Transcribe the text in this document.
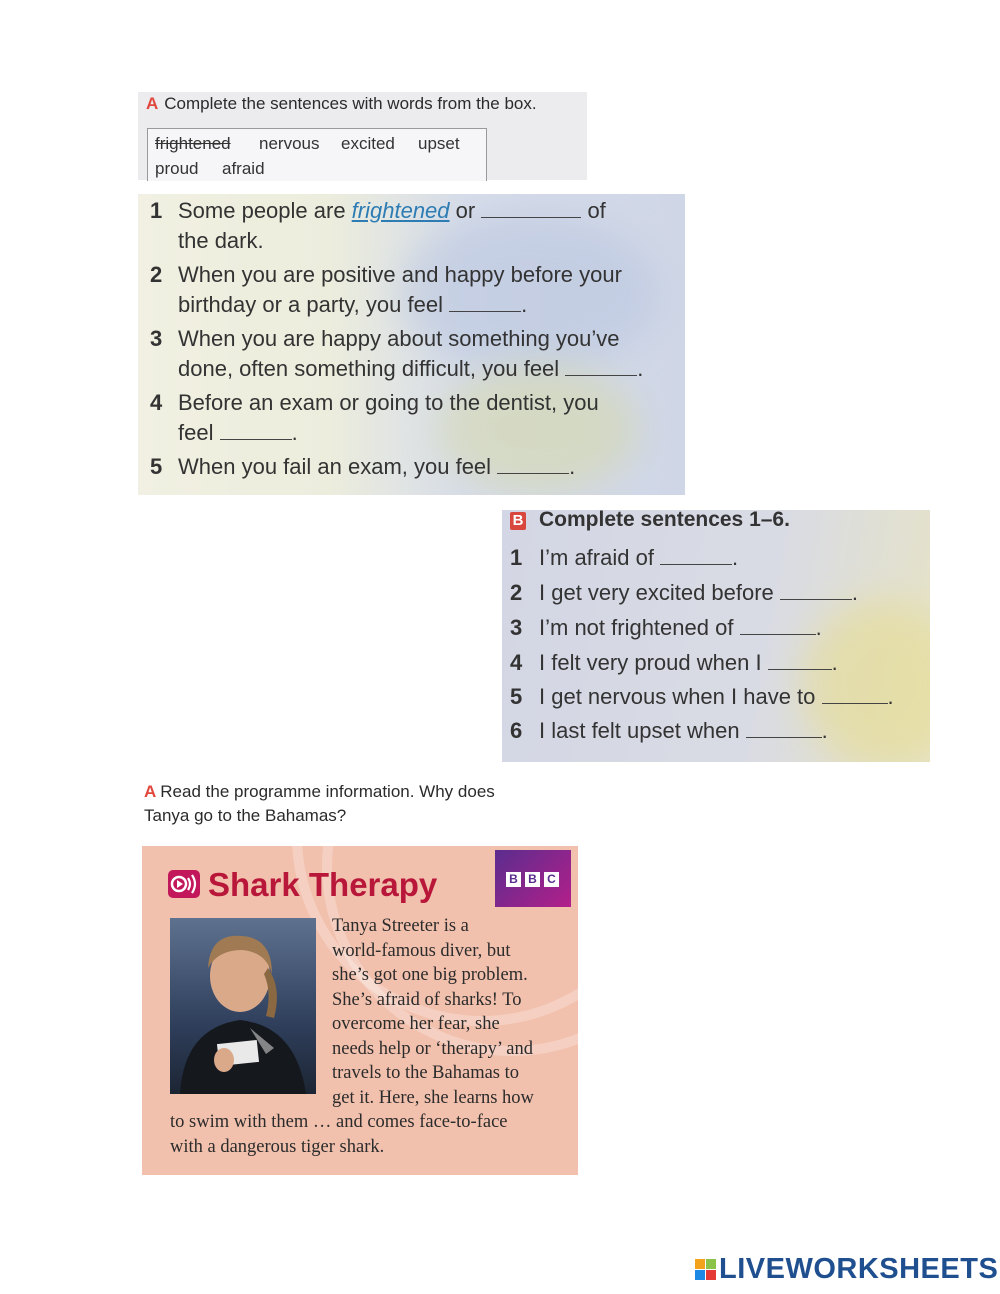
A Complete the sentences with words from the box.
frightened nervous excited upset
proud afraid
1 Some people are frightened or	of
the dark.
2 When you are positive and happy before your
birthday or a party, you feel	.
3 When you are happy about something you’ve
done, often something difficult, you feel	.
4 Before an exam or going to the dentist, you
feel	.
5 When you fail an exam, you feel	.
B Complete sentences 1–6.
1 I’m afraid of	.
2 I get very excited before	.
3 I’m not frightened of	.
4 I felt very proud when I	.
5 I get nervous when I have to	.
6 I last felt upset when	.
A Read the programme information. Why does
Tanya go to the Bahamas?
Shark Therapy	B B C
Tanya Streeter is a
world-famous diver, but
she’s got one big problem.
She’s afraid of sharks! To
overcome her fear, she
needs help or ‘therapy’ and
travels to the Bahamas to
get it. Here, she learns how
to swim with them … and comes face-to-face
with a dangerous tiger shark.
LIVEWORKSHEETS
